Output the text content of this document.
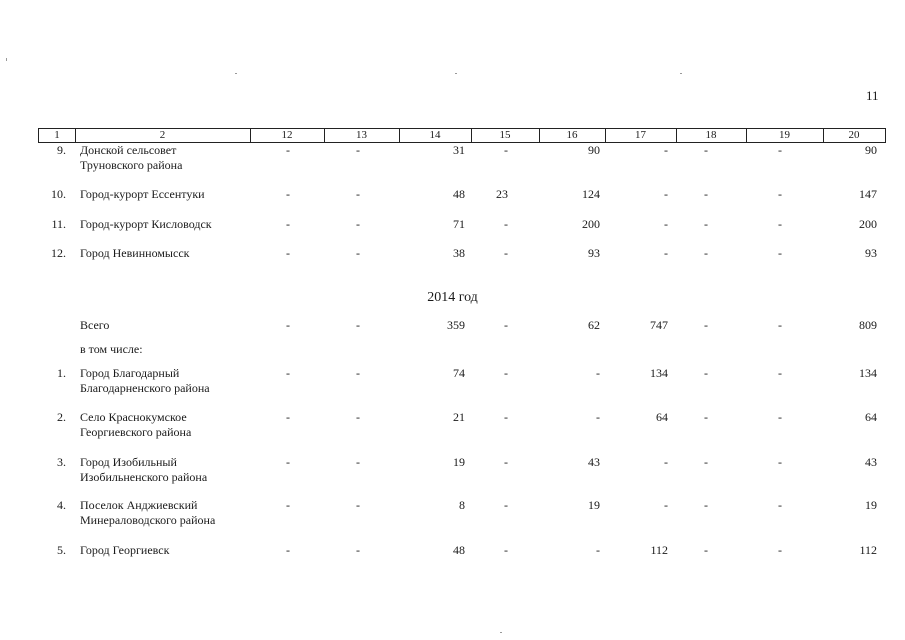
11
1	2	12	13	14	15	16	17	18	19	20
9. Донской сельсовет
Труновского района
-	-	31	-	90	-	-	-	90
10. Город-курорт Ессентуки	-	-	48	23	124	-	-	-	147
11. Город-курорт Кисловодск	-	-	71	-	200	-	-	-	200
12. Город Невинномысск	-	-	38	-	93	-	-	-	93
2014 год
Всего	-	-	359	-	62	747	-	-	809
в том числе:
1. Город Благодарный
Благодарненского района
-	-	74	-	-	134	-	-	134
2. Село Краснокумское
Георгиевского района
-	-	21	-	-	64	-	-	64
3. Город Изобильный
Изобильненского района
-	-	19	-	43	-	-	-	43
4. Поселок Анджиевский
Минераловодского района
-	-	8	-	19	-	-	-	19
5. Город Георгиевск	-	-	48	-	-	112	-	-	112
